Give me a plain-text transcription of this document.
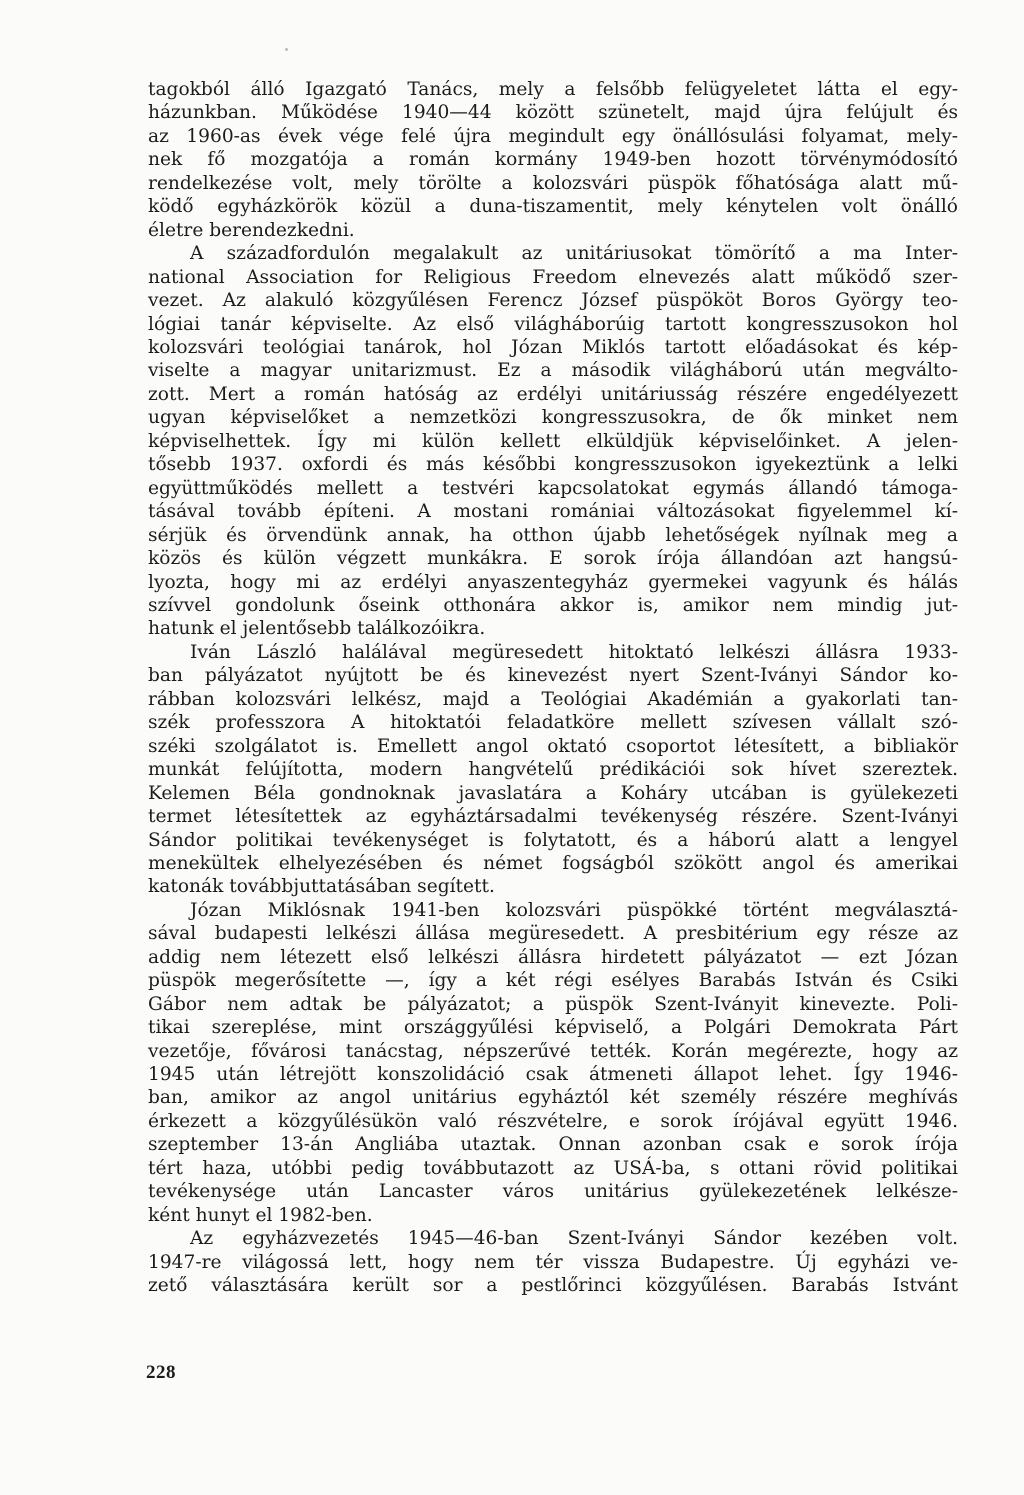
tagokból álló Igazgató Tanács, mely a felsőbb felügyeletet látta el egy-
házunkban. Működése 1940—44 között szünetelt, majd újra felújult és
az 1960-as évek vége felé újra megindult egy önállósulási folyamat, mely-
nek fő mozgatója a román kormány 1949-ben hozott törvénymódosító
rendelkezése volt, mely törölte a kolozsvári püspök főhatósága alatt mű-
ködő egyházkörök közül a duna-tiszamentit, mely kénytelen volt önálló
életre berendezkedni.

A századfordulón megalakult az unitáriusokat tömörítő a ma Inter-
national Association for Religious Freedom elnevezés alatt működő szer-
vezet. Az alakuló közgyűlésen Ferencz József püspököt Boros György teo-
lógiai tanár képviselte. Az első világháborúig tartott kongresszusokon hol
kolozsvári teológiai tanárok, hol Józan Miklós tartott előadásokat és kép-
viselte a magyar unitarizmust. Ez a második világháború után megválto-
zott. Mert a román hatóság az erdélyi unitáriusság részére engedélyezett
ugyan képviselőket a nemzetközi kongresszusokra, de ők minket nem
képviselhettek. Így mi külön kellett elküldjük képviselőinket. A jelen-
tősebb 1937. oxfordi és más későbbi kongresszusokon igyekeztünk a lelki
együttműködés mellett a testvéri kapcsolatokat egymás állandó támoga-
tásával tovább építeni. A mostani romániai változásokat figyelemmel kí-
sérjük és örvendünk annak, ha otthon újabb lehetőségek nyílnak meg a
közös és külön végzett munkákra. E sorok írója állandóan azt hangsú-
lyozta, hogy mi az erdélyi anyaszentegyház gyermekei vagyunk és hálás
szívvel gondolunk őseink otthonára akkor is, amikor nem mindig jut-
hatunk el jelentősebb találkozóikra.

Iván László halálával megüresedett hitoktató lelkészi állásra 1933-
ban pályázatot nyújtott be és kinevezést nyert Szent-Iványi Sándor ko-
rábban kolozsvári lelkész, majd a Teológiai Akadémián a gyakorlati tan-
szék professzora A hitoktatói feladatköre mellett szívesen vállalt szó-
széki szolgálatot is. Emellett angol oktató csoportot létesített, a bibliakör
munkát felújította, modern hangvételű prédikációi sok hívet szereztek.
Kelemen Béla gondnoknak javaslatára a Koháry utcában is gyülekezeti
termet létesítettek az egyháztársadalmi tevékenység részére. Szent-Iványi
Sándor politikai tevékenységet is folytatott, és a háború alatt a lengyel
menekültek elhelyezésében és német fogságból szökött angol és amerikai
katonák továbbjuttatásában segített.

Józan Miklósnak 1941-ben kolozsvári püspökké történt megválasztá-
sával budapesti lelkészi állása megüresedett. A presbitérium egy része az
addig nem létezett első lelkészi állásra hirdetett pályázatot — ezt Józan
püspök megerősítette —, így a két régi esélyes Barabás István és Csiki
Gábor nem adtak be pályázatot; a püspök Szent-Iványit kinevezte. Poli-
tikai szereplése, mint országgyűlési képviselő, a Polgári Demokrata Párt
vezetője, fővárosi tanácstag, népszerűvé tették. Korán megérezte, hogy az
1945 után létrejött konszolidáció csak átmeneti állapot lehet. Így 1946-
ban, amikor az angol unitárius egyháztól két személy részére meghívás
érkezett a közgyűlésükön való részvételre, e sorok írójával együtt 1946.
szeptember 13-án Angliába utaztak. Onnan azonban csak e sorok írója
tért haza, utóbbi pedig továbbutazott az USÁ-ba, s ottani rövid politikai
tevékenysége után Lancaster város unitárius gyülekezetének lelkésze-
ként hunyt el 1982-ben.

Az egyházvezetés 1945—46-ban Szent-Iványi Sándor kezében volt.
1947-re világossá lett, hogy nem tér vissza Budapestre. Új egyházi ve-
zető választására került sor a pestlőrinci közgyűlésen. Barabás Istvánt

228
